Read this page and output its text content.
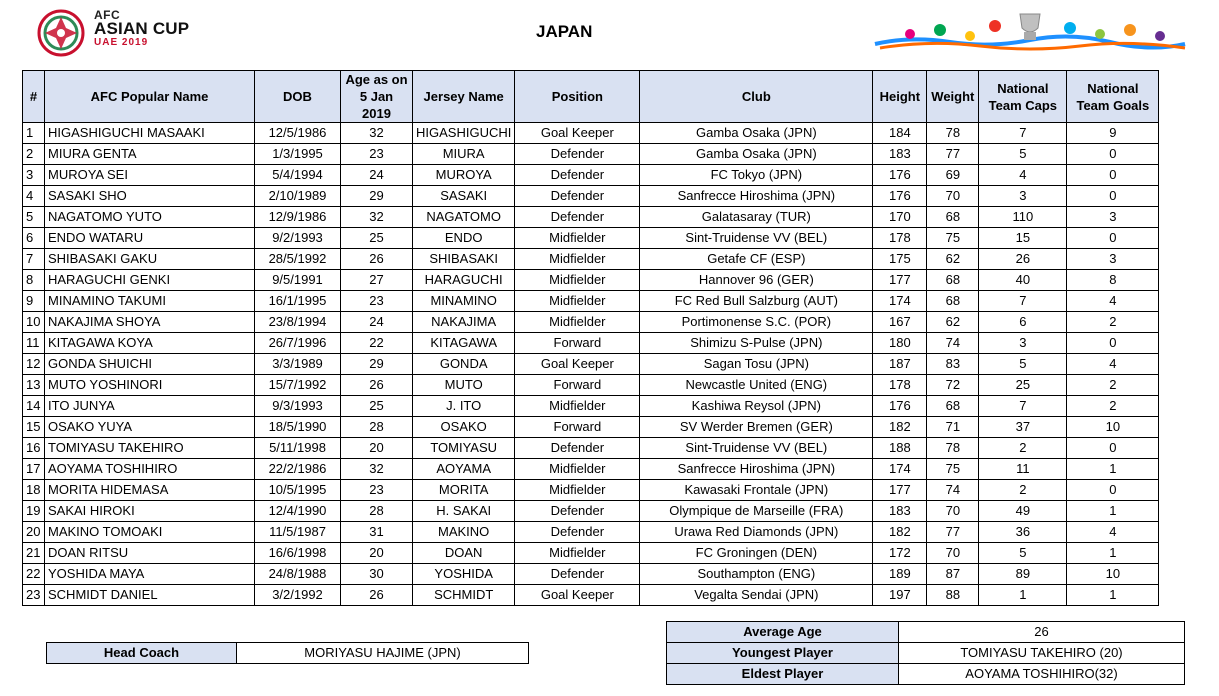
AFC
ASIAN CUP
UAE 2019
JAPAN
#	AFC Popular Name	DOB	Age as on 5 Jan 2019	Jersey Name	Position	Club	Height	Weight	National Team Caps	National Team Goals
1	HIGASHIGUCHI MASAAKI	12/5/1986	32	HIGASHIGUCHI	Goal Keeper	Gamba Osaka (JPN)	184	78	7	9
2	MIURA GENTA	1/3/1995	23	MIURA	Defender	Gamba Osaka (JPN)	183	77	5	0
3	MUROYA SEI	5/4/1994	24	MUROYA	Defender	FC Tokyo (JPN)	176	69	4	0
4	SASAKI SHO	2/10/1989	29	SASAKI	Defender	Sanfrecce Hiroshima (JPN)	176	70	3	0
5	NAGATOMO YUTO	12/9/1986	32	NAGATOMO	Defender	Galatasaray (TUR)	170	68	110	3
6	ENDO WATARU	9/2/1993	25	ENDO	Midfielder	Sint-Truidense VV (BEL)	178	75	15	0
7	SHIBASAKI GAKU	28/5/1992	26	SHIBASAKI	Midfielder	Getafe CF (ESP)	175	62	26	3
8	HARAGUCHI GENKI	9/5/1991	27	HARAGUCHI	Midfielder	Hannover 96 (GER)	177	68	40	8
9	MINAMINO TAKUMI	16/1/1995	23	MINAMINO	Midfielder	FC Red Bull Salzburg (AUT)	174	68	7	4
10	NAKAJIMA SHOYA	23/8/1994	24	NAKAJIMA	Midfielder	Portimonense S.C. (POR)	167	62	6	2
11	KITAGAWA KOYA	26/7/1996	22	KITAGAWA	Forward	Shimizu S-Pulse (JPN)	180	74	3	0
12	GONDA SHUICHI	3/3/1989	29	GONDA	Goal Keeper	Sagan Tosu (JPN)	187	83	5	4
13	MUTO YOSHINORI	15/7/1992	26	MUTO	Forward	Newcastle United (ENG)	178	72	25	2
14	ITO JUNYA	9/3/1993	25	J. ITO	Midfielder	Kashiwa Reysol (JPN)	176	68	7	2
15	OSAKO YUYA	18/5/1990	28	OSAKO	Forward	SV Werder Bremen (GER)	182	71	37	10
16	TOMIYASU TAKEHIRO	5/11/1998	20	TOMIYASU	Defender	Sint-Truidense VV (BEL)	188	78	2	0
17	AOYAMA TOSHIHIRO	22/2/1986	32	AOYAMA	Midfielder	Sanfrecce Hiroshima (JPN)	174	75	11	1
18	MORITA HIDEMASA	10/5/1995	23	MORITA	Midfielder	Kawasaki Frontale (JPN)	177	74	2	0
19	SAKAI HIROKI	12/4/1990	28	H. SAKAI	Defender	Olympique de Marseille (FRA)	183	70	49	1
20	MAKINO TOMOAKI	11/5/1987	31	MAKINO	Defender	Urawa Red Diamonds (JPN)	182	77	36	4
21	DOAN RITSU	16/6/1998	20	DOAN	Midfielder	FC Groningen (DEN)	172	70	5	1
22	YOSHIDA MAYA	24/8/1988	30	YOSHIDA	Defender	Southampton (ENG)	189	87	89	10
23	SCHMIDT DANIEL	3/2/1992	26	SCHMIDT	Goal Keeper	Vegalta Sendai (JPN)	197	88	1	1
Head Coach	MORIYASU HAJIME (JPN)
Average Age	26
Youngest Player	TOMIYASU TAKEHIRO (20)
Eldest Player	AOYAMA TOSHIHIRO(32)
